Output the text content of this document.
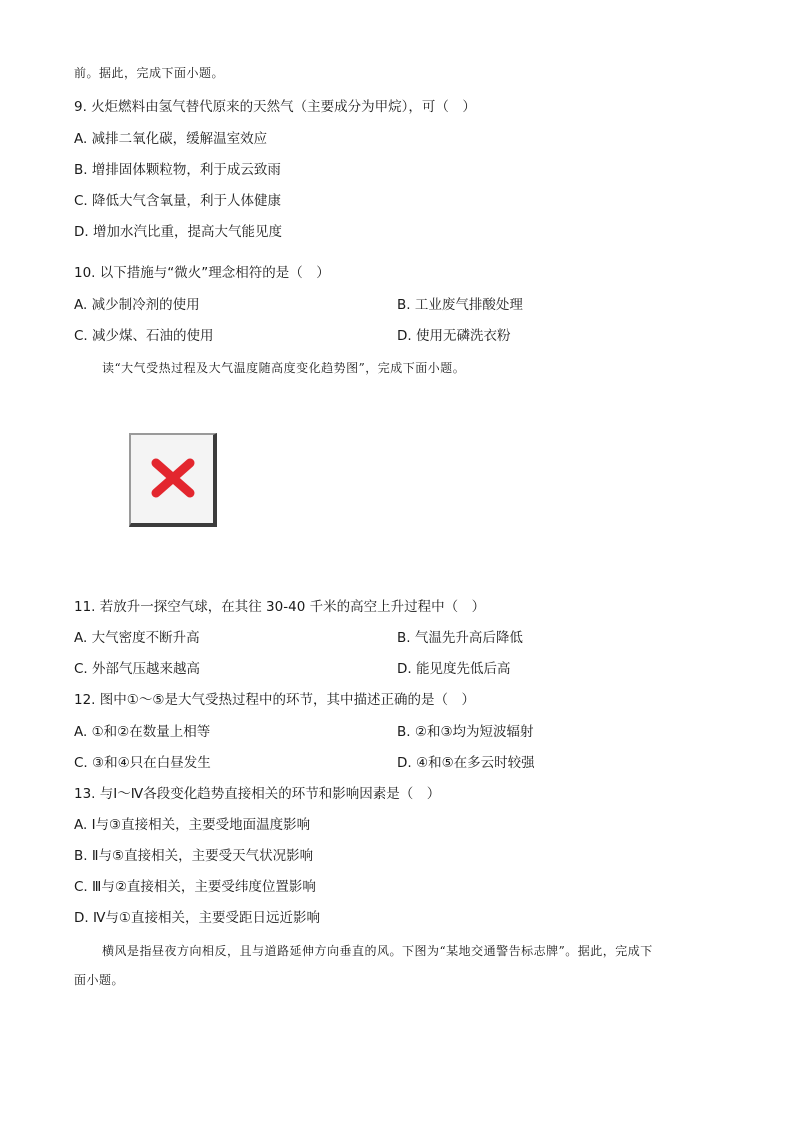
前。据此，完成下面小题。
9. 火炬燃料由氢气替代原来的天然气（主要成分为甲烷），可（　）
A. 减排二氧化碳，缓解温室效应
B. 增排固体颗粒物，利于成云致雨
C. 降低大气含氧量，利于人体健康
D. 增加水汽比重，提高大气能见度
10. 以下措施与“微火”理念相符的是（　）
A. 减少制冷剂的使用	B. 工业废气排酸处理
C. 减少煤、石油的使用	D. 使用无磷洗衣粉
读“大气受热过程及大气温度随高度变化趋势图”，完成下面小题。
11. 若放升一探空气球，在其往 30-40 千米的高空上升过程中（　）
A. 大气密度不断升高	B. 气温先升高后降低
C. 外部气压越来越高	D. 能见度先低后高
12. 图中①～⑤是大气受热过程中的环节，其中描述正确的是（　）
A. ①和②在数量上相等	B. ②和③均为短波辐射
C. ③和④只在白昼发生	D. ④和⑤在多云时较强
13. 与Ⅰ～Ⅳ各段变化趋势直接相关的环节和影响因素是（　）
A. Ⅰ与③直接相关，主要受地面温度影响
B. Ⅱ与⑤直接相关，主要受天气状况影响
C. Ⅲ与②直接相关，主要受纬度位置影响
D. Ⅳ与①直接相关，主要受距日远近影响
横风是指昼夜方向相反，且与道路延伸方向垂直的风。下图为“某地交通警告标志牌”。据此，完成下
面小题。
